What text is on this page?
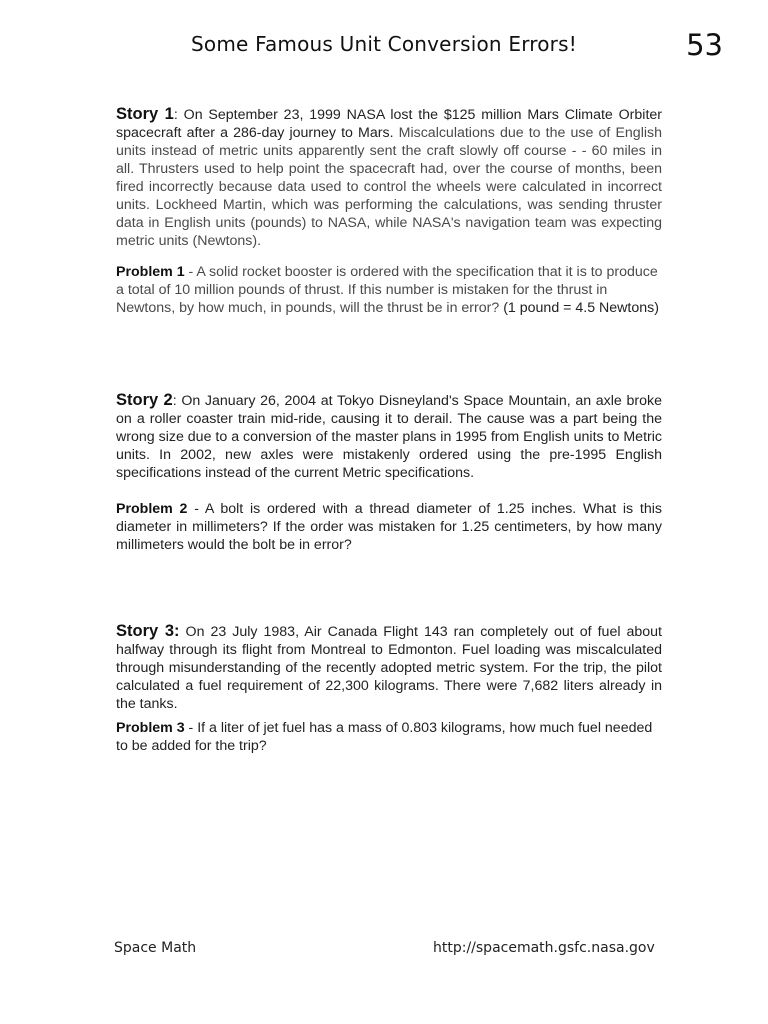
Some Famous Unit Conversion Errors!	53

Story 1: On September 23, 1999 NASA lost the $125 million Mars Climate Orbiter spacecraft after a 286-day journey to Mars. Miscalculations due to the use of English units instead of metric units apparently sent the craft slowly off course - - 60 miles in all. Thrusters used to help point the spacecraft had, over the course of months, been fired incorrectly because data used to control the wheels were calculated in incorrect units. Lockheed Martin, which was performing the calculations, was sending thruster data in English units (pounds) to NASA, while NASA's navigation team was expecting metric units (Newtons).

Problem 1 - A solid rocket booster is ordered with the specification that it is to produce a total of 10 million pounds of thrust. If this number is mistaken for the thrust in Newtons, by how much, in pounds, will the thrust be in error? (1 pound = 4.5 Newtons)

Story 2: On January 26, 2004 at Tokyo Disneyland's Space Mountain, an axle broke on a roller coaster train mid-ride, causing it to derail. The cause was a part being the wrong size due to a conversion of the master plans in 1995 from English units to Metric units. In 2002, new axles were mistakenly ordered using the pre-1995 English specifications instead of the current Metric specifications.

Problem 2 - A bolt is ordered with a thread diameter of 1.25 inches. What is this diameter in millimeters? If the order was mistaken for 1.25 centimeters, by how many millimeters would the bolt be in error?

Story 3: On 23 July 1983, Air Canada Flight 143 ran completely out of fuel about halfway through its flight from Montreal to Edmonton. Fuel loading was miscalculated through misunderstanding of the recently adopted metric system. For the trip, the pilot calculated a fuel requirement of 22,300 kilograms. There were 7,682 liters already in the tanks.

Problem 3 - If a liter of jet fuel has a mass of 0.803 kilograms, how much fuel needed to be added for the trip?

Space Math	http://spacemath.gsfc.nasa.gov
